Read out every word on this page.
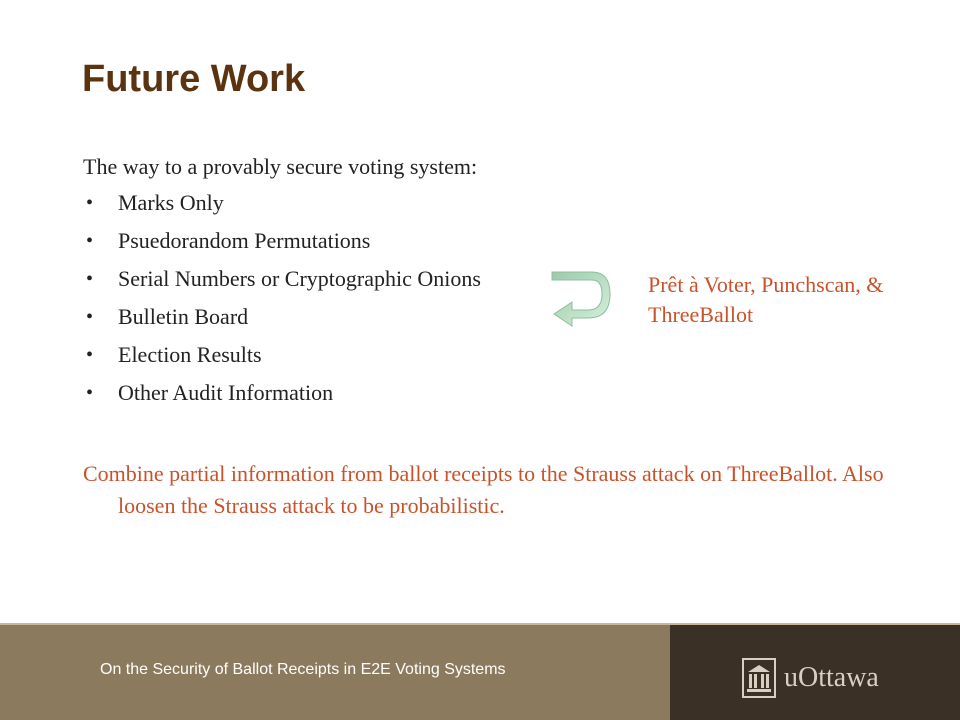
Future Work
The way to a provably secure voting system:
• Marks Only
• Psuedorandom Permutations
• Serial Numbers or Cryptographic Onions
• Bulletin Board
• Election Results
• Other Audit Information
Prêt à Voter, Punchscan, & ThreeBallot
Combine partial information from ballot receipts to the Strauss attack on ThreeBallot. Also loosen the Strauss attack to be probabilistic.
On the Security of Ballot Receipts in E2E Voting Systems	uOttawa
